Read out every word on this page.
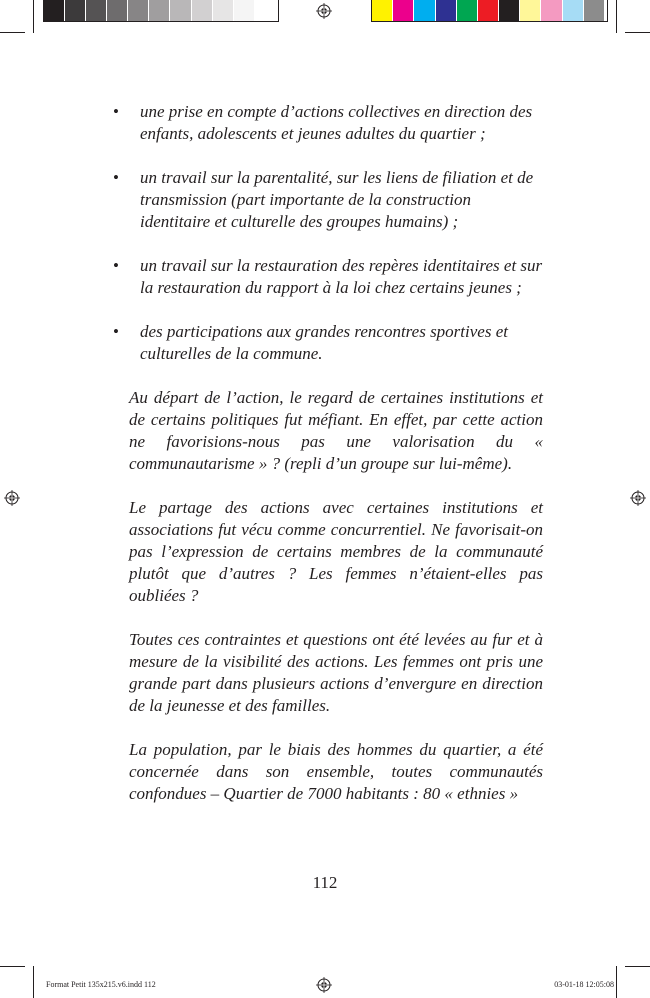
• une prise en compte d’actions collectives en direction des enfants, adolescents et jeunes adultes du quartier ;
• un travail sur la parentalité, sur les liens de filiation et de transmission (part importante de la construction identitaire et culturelle des groupes humains) ;
• un travail sur la restauration des repères identitaires et sur la restauration du rapport à la loi chez certains jeunes ;
• des participations aux grandes rencontres sportives et culturelles de la commune.

Au départ de l’action, le regard de certaines institutions et de certains politiques fut méfiant. En effet, par cette action ne favorisions-nous pas une valorisation du « communautarisme » ? (repli d’un groupe sur lui-même).

Le partage des actions avec certaines institutions et associations fut vécu comme concurrentiel. Ne favorisait-on pas l’expression de certains membres de la communauté plutôt que d’autres ? Les femmes n’étaient-elles pas oubliées ?

Toutes ces contraintes et questions ont été levées au fur et à mesure de la visibilité des actions. Les femmes ont pris une grande part dans plusieurs actions d’envergure en direction de la jeunesse et des familles.

La population, par le biais des hommes du quartier, a été concernée dans son ensemble, toutes communautés confondues – Quartier de 7000 habitants : 80 « ethnies »

112
Format Petit 135x215.v6.indd 112	03-01-18 12:05:08
